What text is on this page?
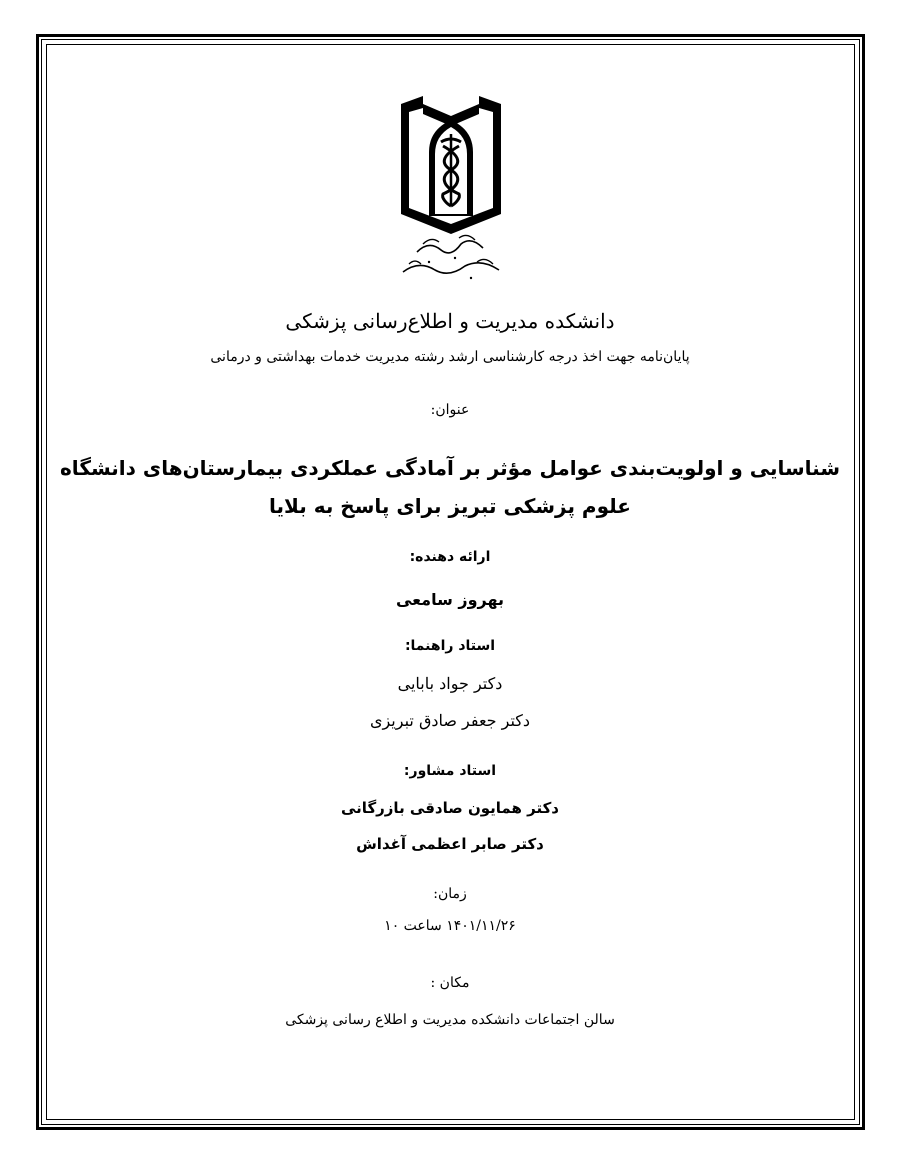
دانشکده مدیریت و اطلاع‌رسانی پزشکی
پایان‌نامه جهت اخذ درجه کارشناسی ارشد رشته مدیریت خدمات بهداشتی و درمانی
عنوان:
شناسایی و اولویت‌بندی عوامل مؤثر بر آمادگی عملکردی بیمارستان‌های دانشگاه
علوم پزشکی تبریز برای پاسخ به بلایا
ارائه دهنده:
بهروز سامعی
استاد راهنما:
دکتر جواد بابایی
دکتر جعفر صادق تبریزی
استاد مشاور:
دکتر همایون صادقی بازرگانی
دکتر صابر اعظمی آغداش
زمان:
۱۴۰۱/۱۱/۲۶ ساعت ۱۰
مکان :
سالن اجتماعات دانشکده مدیریت و اطلاع رسانی پزشکی
